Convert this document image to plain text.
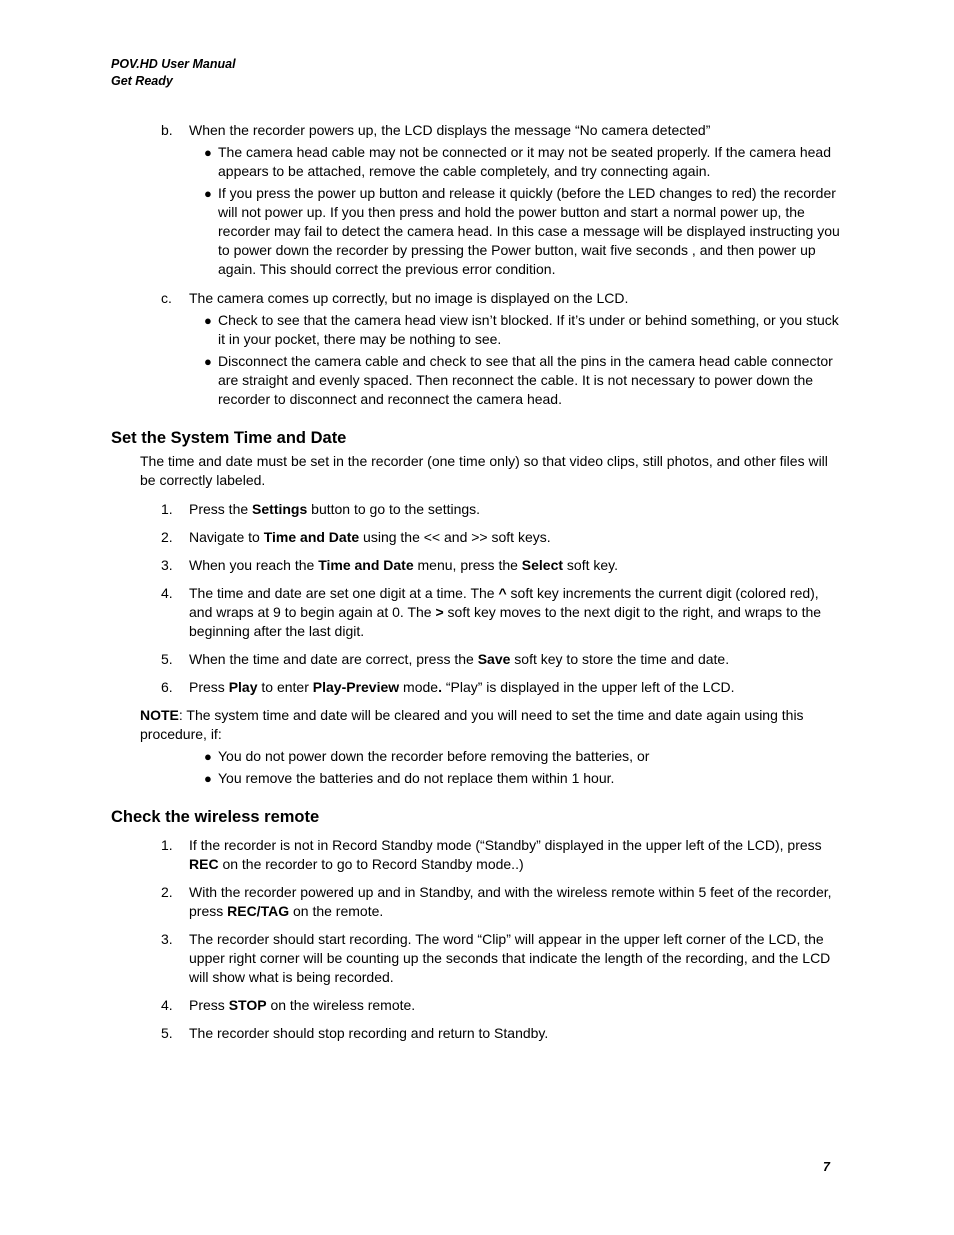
POV.HD User Manual
Get Ready
b. When the recorder powers up, the LCD displays the message “No camera detected”
● The camera head cable may not be connected or it may not be seated properly. If the camera head appears to be attached, remove the cable completely, and try connecting again.
● If you press the power up button and release it quickly (before the LED changes to red) the recorder will not power up. If you then press and hold the power button and start a normal power up, the recorder may fail to detect the camera head. In this case a message will be displayed instructing you to power down the recorder by pressing the Power button, wait five seconds , and then power up again. This should correct the previous error condition.
c. The camera comes up correctly, but no image is displayed on the LCD.
● Check to see that the camera head view isn’t blocked. If it’s under or behind something, or you stuck it in your pocket, there may be nothing to see.
● Disconnect the camera cable and check to see that all the pins in the camera head cable connector are straight and evenly spaced. Then reconnect the cable. It is not necessary to power down the recorder to disconnect and reconnect the camera head.
Set the System Time and Date
The time and date must be set in the recorder (one time only) so that video clips, still photos, and other files will be correctly labeled.
1. Press the Settings button to go to the settings.
2. Navigate to Time and Date using the << and >> soft keys.
3. When you reach the Time and Date menu, press the Select soft key.
4. The time and date are set one digit at a time. The ^ soft key increments the current digit (colored red), and wraps at 9 to begin again at 0. The > soft key moves to the next digit to the right, and wraps to the beginning after the last digit.
5. When the time and date are correct, press the Save soft key to store the time and date.
6. Press Play to enter Play-Preview mode. “Play” is displayed in the upper left of the LCD.
NOTE: The system time and date will be cleared and you will need to set the time and date again using this procedure, if:
● You do not power down the recorder before removing the batteries, or
● You remove the batteries and do not replace them within 1 hour.
Check the wireless remote
1. If the recorder is not in Record Standby mode (“Standby” displayed in the upper left of the LCD), press REC on the recorder to go to Record Standby mode..)
2. With the recorder powered up and in Standby, and with the wireless remote within 5 feet of the recorder, press REC/TAG on the remote.
3. The recorder should start recording. The word “Clip” will appear in the upper left corner of the LCD, the upper right corner will be counting up the seconds that indicate the length of the recording, and the LCD will show what is being recorded.
4. Press STOP on the wireless remote.
5. The recorder should stop recording and return to Standby.
7
